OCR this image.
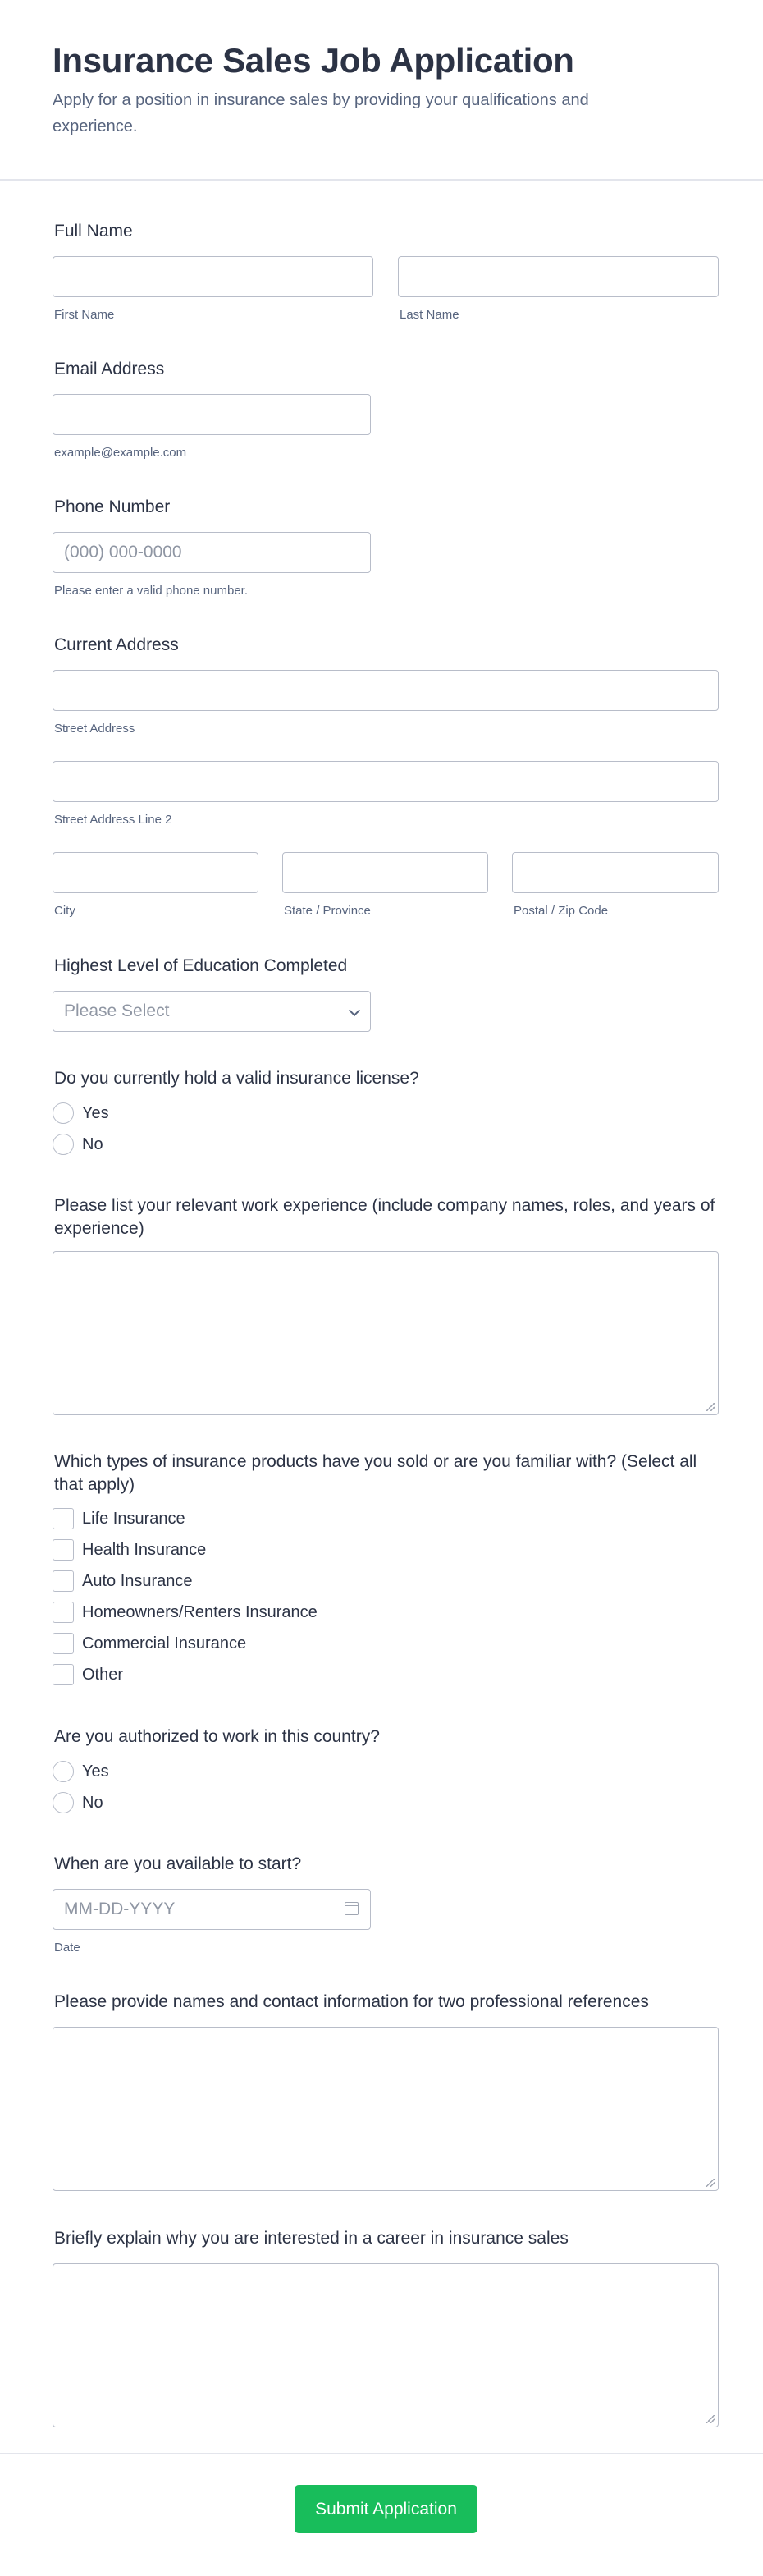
Insurance Sales Job Application

Apply for a position in insurance sales by providing your qualifications and experience.

Full Name
First Name	Last Name
Email Address
example@example.com
Phone Number
(000) 000-0000
Please enter a valid phone number.
Current Address
Street Address
Street Address Line 2
City	State / Province	Postal / Zip Code
Highest Level of Education Completed
Please Select
Do you currently hold a valid insurance license?
Yes
No
Please list your relevant work experience (include company names, roles, and years of experience)
Which types of insurance products have you sold or are you familiar with? (Select all that apply)
Life Insurance
Health Insurance
Auto Insurance
Homeowners/Renters Insurance
Commercial Insurance
Other
Are you authorized to work in this country?
Yes
No
When are you available to start?
MM-DD-YYYY
Date
Please provide names and contact information for two professional references
Briefly explain why you are interested in a career in insurance sales
Submit Application
